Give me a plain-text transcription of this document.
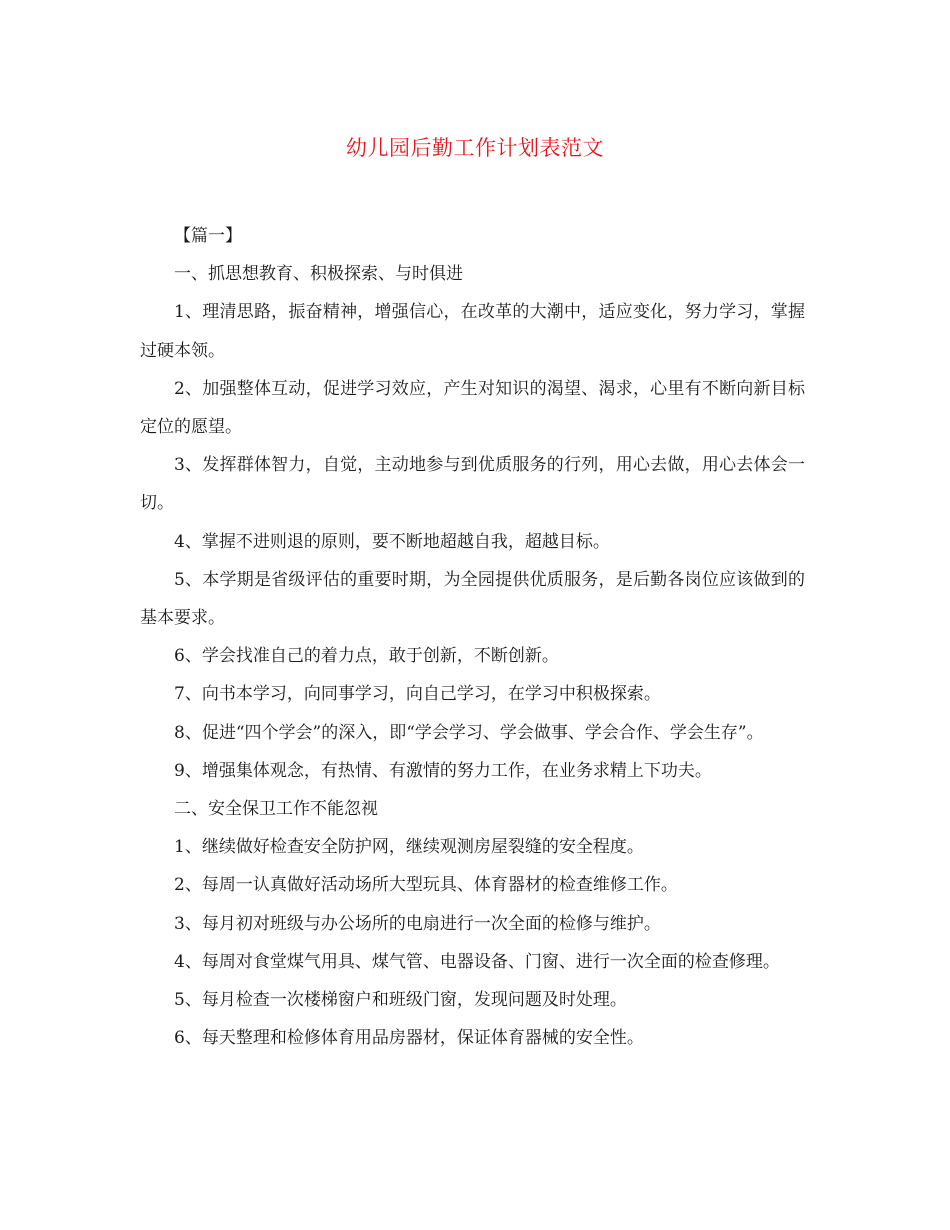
幼儿园后勤工作计划表范文

【篇一】

一、抓思想教育、积极探索、与时俱进

1、理清思路，振奋精神，增强信心，在改革的大潮中，适应变化，努力学习，掌握过硬本领。

2、加强整体互动，促进学习效应，产生对知识的渴望、渴求，心里有不断向新目标定位的愿望。

3、发挥群体智力，自觉，主动地参与到优质服务的行列，用心去做，用心去体会一切。

4、掌握不进则退的原则，要不断地超越自我，超越目标。

5、本学期是省级评估的重要时期，为全园提供优质服务，是后勤各岗位应该做到的基本要求。

6、学会找准自己的着力点，敢于创新，不断创新。

7、向书本学习，向同事学习，向自己学习，在学习中积极探索。

8、促进“四个学会”的深入，即“学会学习、学会做事、学会合作、学会生存”。

9、增强集体观念，有热情、有激情的努力工作，在业务求精上下功夫。

二、安全保卫工作不能忽视

1、继续做好检查安全防护网，继续观测房屋裂缝的安全程度。

2、每周一认真做好活动场所大型玩具、体育器材的检查维修工作。

3、每月初对班级与办公场所的电扇进行一次全面的检修与维护。

4、每周对食堂煤气用具、煤气管、电器设备、门窗、进行一次全面的检查修理。

5、每月检查一次楼梯窗户和班级门窗，发现问题及时处理。

6、每天整理和检修体育用品房器材，保证体育器械的安全性。
